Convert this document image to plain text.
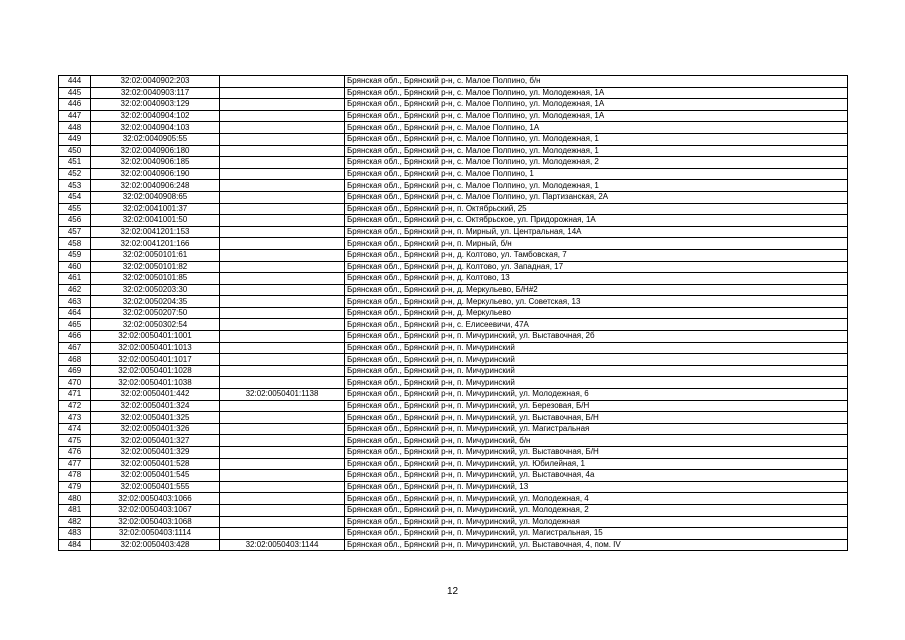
444	32:02:0040902:203		Брянская обл., Брянский р-н, с. Малое Полпино, б/н
445	32:02:0040903:117		Брянская обл., Брянский р-н, с. Малое Полпино, ул. Молодежная, 1А
446	32:02:0040903:129		Брянская обл., Брянский р-н, с. Малое Полпино, ул. Молодежная, 1А
447	32:02:0040904:102		Брянская обл., Брянский р-н, с. Малое Полпино, ул. Молодежная, 1А
448	32:02:0040904:103		Брянская обл., Брянский р-н, с. Малое Полпино, 1А
449	32:02:0040905:55		Брянская обл., Брянский р-н, с. Малое Полпино, ул. Молодежная, 1
450	32:02:0040906:180		Брянская обл., Брянский р-н, с. Малое Полпино, ул. Молодежная, 1
451	32:02:0040906:185		Брянская обл., Брянский р-н, с. Малое Полпино, ул. Молодежная, 2
452	32:02:0040906:190		Брянская обл., Брянский р-н, с. Малое Полпино, 1
453	32:02:0040906:248		Брянская обл., Брянский р-н, с. Малое Полпино, ул. Молодежная, 1
454	32:02:0040908:65		Брянская обл., Брянский р-н, с. Малое Полпино, ул. Партизанская, 2А
455	32:02:0041001:37		Брянская обл., Брянский р-н, п. Октябрьский, 25
456	32:02:0041001:50		Брянская обл., Брянский р-н, с. Октябрьское, ул. Придорожная, 1А
457	32:02:0041201:153		Брянская обл., Брянский р-н, п. Мирный, ул. Центральная, 14А
458	32:02:0041201:166		Брянская обл., Брянский р-н, п. Мирный, б/н
459	32:02:0050101:61		Брянская обл., Брянский р-н, д. Колтово, ул. Тамбовская, 7
460	32:02:0050101:82		Брянская обл., Брянский р-н, д. Колтово, ул. Западная, 17
461	32:02:0050101:85		Брянская обл., Брянский р-н, д. Колтово, 13
462	32:02:0050203:30		Брянская обл., Брянский р-н, д. Меркульево, Б/Н#2
463	32:02:0050204:35		Брянская обл., Брянский р-н, д. Меркульево, ул. Советская, 13
464	32:02:0050207:50		Брянская обл., Брянский р-н, д. Меркульево
465	32:02:0050302:54		Брянская обл., Брянский р-н, с. Елисеевичи, 47А
466	32:02:0050401:1001		Брянская обл., Брянский р-н, п. Мичуринский, ул. Выставочная, 2б
467	32:02:0050401:1013		Брянская обл., Брянский р-н, п. Мичуринский
468	32:02:0050401:1017		Брянская обл., Брянский р-н, п. Мичуринский
469	32:02:0050401:1028		Брянская обл., Брянский р-н, п. Мичуринский
470	32:02:0050401:1038		Брянская обл., Брянский р-н, п. Мичуринский
471	32:02:0050401:442	32:02:0050401:1138	Брянская обл., Брянский р-н, п. Мичуринский, ул. Молодежная, 6
472	32:02:0050401:324		Брянская обл., Брянский р-н, п. Мичуринский, ул. Березовая, Б/Н
473	32:02:0050401:325		Брянская обл., Брянский р-н, п. Мичуринский, ул. Выставочная, Б/Н
474	32:02:0050401:326		Брянская обл., Брянский р-н, п. Мичуринский, ул. Магистральная
475	32:02:0050401:327		Брянская обл., Брянский р-н, п. Мичуринский, б/н
476	32:02:0050401:329		Брянская обл., Брянский р-н, п. Мичуринский, ул. Выставочная, Б/Н
477	32:02:0050401:528		Брянская обл., Брянский р-н, п. Мичуринский, ул. Юбилейная, 1
478	32:02:0050401:545		Брянская обл., Брянский р-н, п. Мичуринский, ул. Выставочная, 4а
479	32:02:0050401:555		Брянская обл., Брянский р-н, п. Мичуринский, 13
480	32:02:0050403:1066		Брянская обл., Брянский р-н, п. Мичуринский, ул. Молодежная, 4
481	32:02:0050403:1067		Брянская обл., Брянский р-н, п. Мичуринский, ул. Молодежная, 2
482	32:02:0050403:1068		Брянская обл., Брянский р-н, п. Мичуринский, ул. Молодежная
483	32:02:0050403:1114		Брянская обл., Брянский р-н, п. Мичуринский, ул. Магистральная, 15
484	32:02:0050403:428	32:02:0050403:1144	Брянская обл., Брянский р-н, п. Мичуринский, ул. Выставочная, 4, пом. IV
12
